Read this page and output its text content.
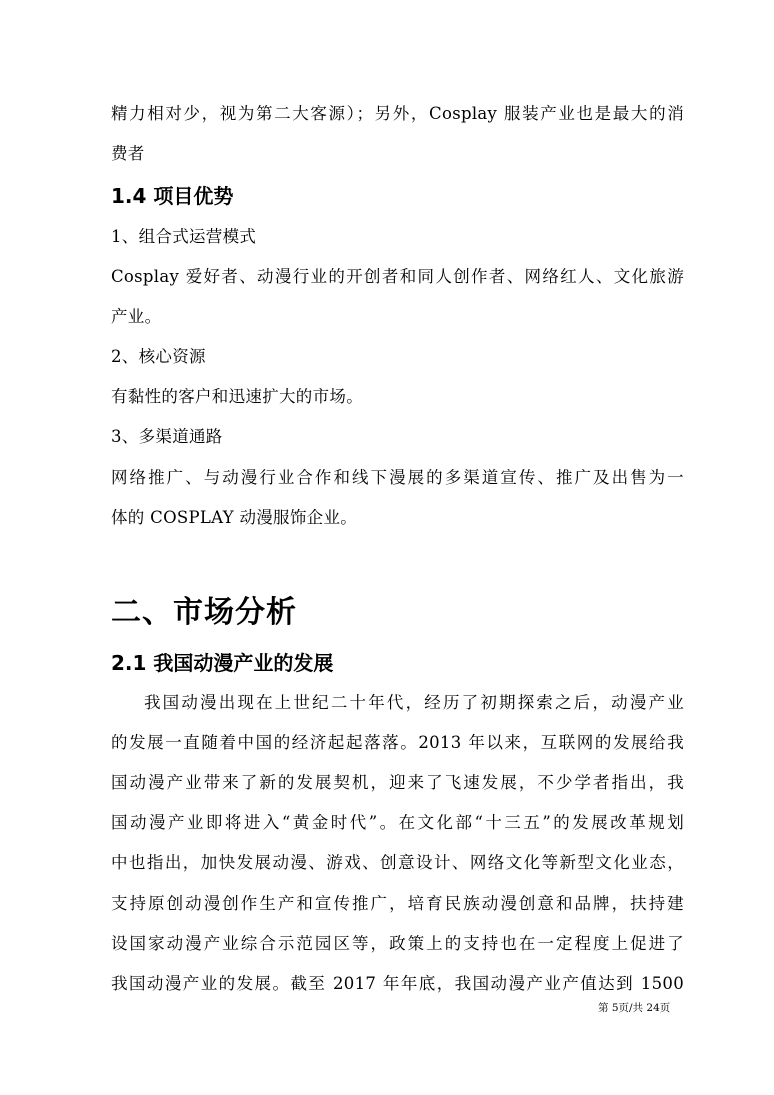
精力相对少，视为第二大客源）；另外，Cosplay 服装产业也是最大的消
费者
1.4 项目优势
1、组合式运营模式
Cosplay 爱好者、动漫行业的开创者和同人创作者、网络红人、文化旅游
产业。
2、核心资源
有黏性的客户和迅速扩大的市场。
3、多渠道通路
网络推广、与动漫行业合作和线下漫展的多渠道宣传、推广及出售为一
体的 COSPLAY 动漫服饰企业。
二、市场分析
2.1 我国动漫产业的发展
我国动漫出现在上世纪二十年代，经历了初期探索之后，动漫产业
的发展一直随着中国的经济起起落落。2013 年以来，互联网的发展给我
国动漫产业带来了新的发展契机，迎来了飞速发展，不少学者指出，我
国动漫产业即将进入“黄金时代”。在文化部“十三五”的发展改革规划
中也指出，加快发展动漫、游戏、创意设计、网络文化等新型文化业态，
支持原创动漫创作生产和宣传推广，培育民族动漫创意和品牌，扶持建
设国家动漫产业综合示范园区等，政策上的支持也在一定程度上促进了
我国动漫产业的发展。截至 2017 年年底，我国动漫产业产值达到 1500
第 5页/共 24页
